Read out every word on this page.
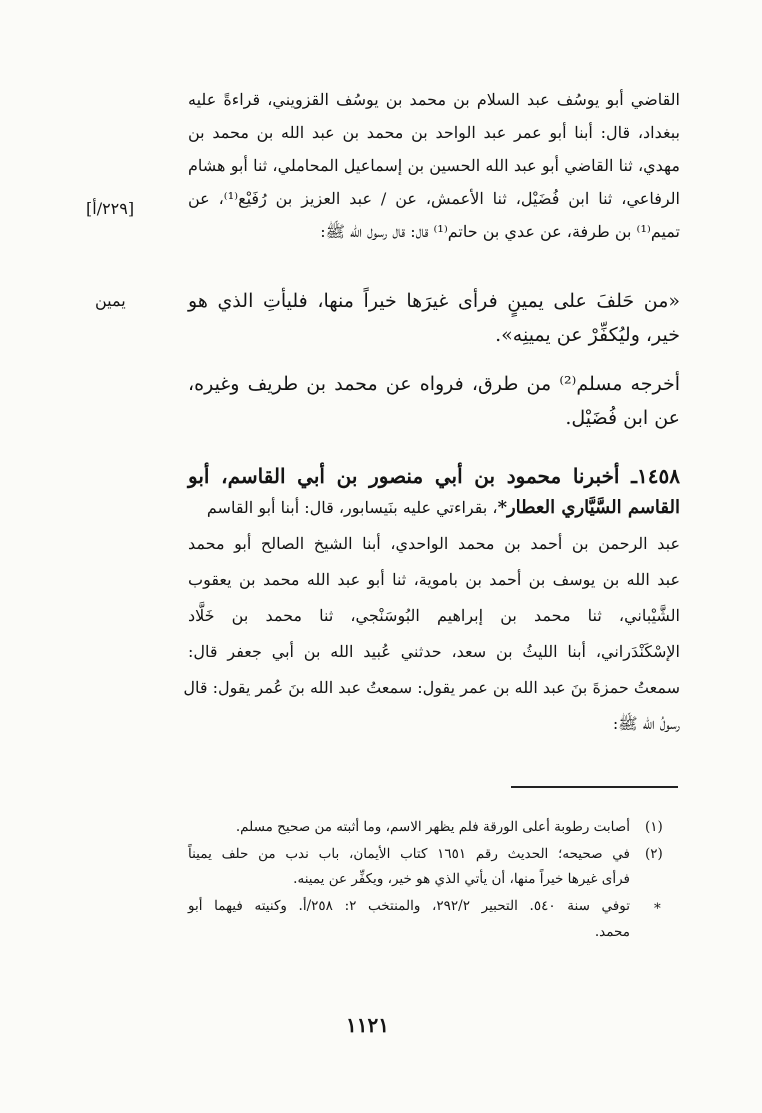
[٢٢٩/أ]
يمين
القاضي أبو يوسُف عبد السلام بن محمد بن يوسُف القزويني، قراءةً عليه
ببغداد، قال: أبنا أبو عمر عبد الواحد بن محمد بن عبد الله بن محمد بن
مهدي، ثنا القاضي أبو عبد الله الحسين بن إسماعيل المحاملي، ثنا أبو هشام
الرفاعي، ثنا ابن فُضَيْل، ثنا الأعمش، عن / عبد العزيز بن رُفَيْع⁽¹⁾، عن
تميم⁽¹⁾ بن طرفة، عن عدي بن حاتم⁽¹⁾ قال: قال رسول الله ﷺ:
«من حَلفَ على يمينٍ فرأى غيرَها خيراً منها، فليأتِ الذي هو
خير، وليُكفِّرْ عن يمينِه».
أخرجه مسلم⁽²⁾ من طرق، فرواه عن محمد بن طريف وغيره،
عن ابن فُضَيْل.
١٤٥٨ـ أخبرنا محمود بن أبي منصور بن أبي القاسم، أبو
القاسم السَّيَّاري العطار*، بقراءتي عليه بنَيسابور، قال: أبنا أبو القاسم
عبد الرحمن بن أحمد بن محمد الواحدي، أبنا الشيخ الصالح أبو محمد
عبد الله بن يوسف بن أحمد بن باموية، ثنا أبو عبد الله محمد بن يعقوب
الشَّيْباني، ثنا محمد بن إبراهيم البُوسَنْجي، ثنا محمد بن خَلَّاد
الإسْكَنْدَراني، أبنا الليثُ بن سعد، حدثني عُبيد الله بن أبي جعفر قال:
سمعتُ حمزةَ بنَ عبد الله بن عمر يقول: سمعتُ عبد الله بنَ عُمر يقول: قال
رسولُ الله ﷺ:
(١)
أصابت رطوبة أعلى الورقة فلم يظهر الاسم، وما أثبته من صحيح مسلم.
(٢)
في صحيحه؛ الحديث رقم ١٦٥١ كتاب الأيمان، باب ندب من حلف يميناً
فرأى غيرها خيراً منها، أن يأتي الذي هو خير، ويكفِّر عن يمينه.
*
توفي سنة ٥٤٠. التحبير ٢٩٢/٢، والمنتخب ٢: ٢٥٨/أ. وكنيته فيهما أبو
محمد.
١١٢١
